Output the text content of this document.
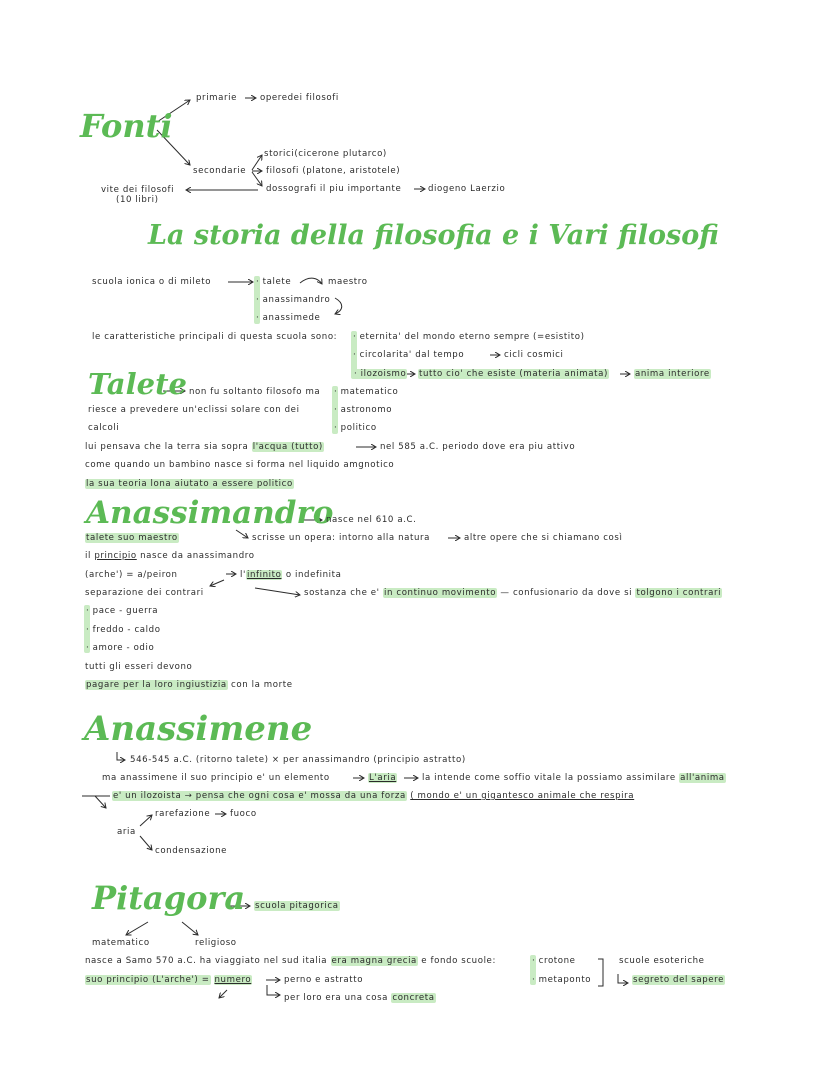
Fonti
primarie	operedei filosofi
storici(cicerone plutarco)
secondarie filosofi (platone, aristotele)
dossografi il piu importante	diogeno Laerzio
vite dei filosofi
(10 libri)
La storia della filosofia e i Vari filosofi
scuola ionica o di mileto	· talete	maestro
· anassimandro
· anassimede
le caratteristiche principali di questa scuola sono: · eternita' del mondo eterno sempre (=esistito)
· circolarita' dal tempo	cicli cosmici
· ilozoismo tutto cio' che esiste (materia animata)	anima interiore
Talete non fu soltanto filosofo ma · matematico
· astronomo
· politico
riesce a prevedere un'eclissi solare con dei
calcoli
lui pensava che la terra sia sopra l'acqua (tutto)	nel 585 a.C. periodo dove era piu attivo
come quando un bambino nasce si forma nel liquido amgnotico
la sua teoria lona aiutato a essere politico
Anassimandro
nasce nel 610 a.C.
talete suo maestro	scrisse un opera: intorno alla natura	altre opere che si chiamano così
il principio nasce da anassimandro
(arche') = a/peiron	l'infinito o indefinita
separazione dei contrari	sostanza che e' in continuo movimento — confusionario da dove si tolgono i contrari
· pace - guerra
· freddo - caldo
· amore - odio
tutti gli esseri devono
pagare per la loro ingiustizia con la morte
Anassimene
546-545 a.C. (ritorno talete) × per anassimandro (principio astratto)
ma anassimene il suo principio e' un elemento	L'aria	la intende come soffio vitale la possiamo assimilare all'anima
e' un ilozoista → pensa che ogni cosa e' mossa da una forza ( mondo e' un gigantesco animale che respira
rarefazione fuoco
aria
condensazione
Pitagora scuola pitagorica
matematico	religioso
nasce a Samo 570 a.C. ha viaggiato nel sud italia era magna grecia e fondo scuole:	· crotone
· metaponto
scuole esoteriche
segreto del sapere
suo principio (L'arche') = numero	perno e astratto
per loro era una cosa concreta
